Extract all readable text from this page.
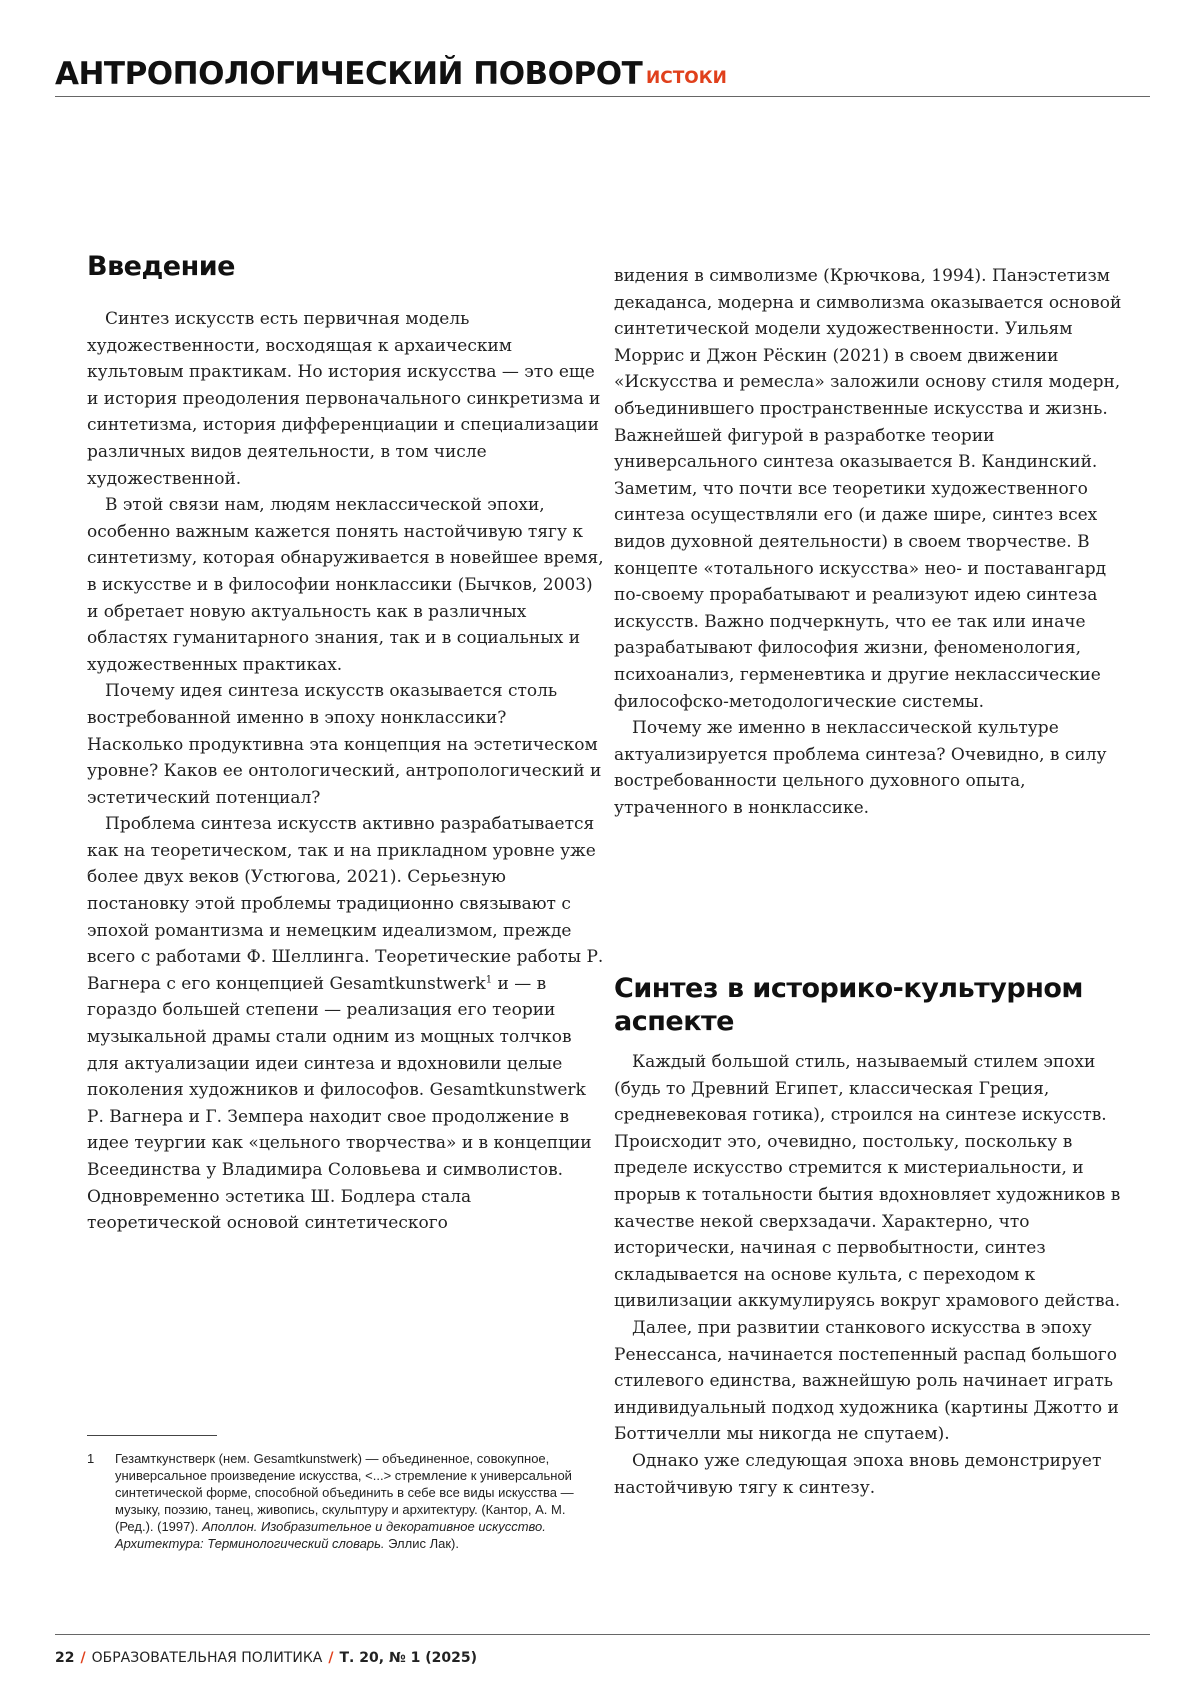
АНТРОПОЛОГИЧЕСКИЙ ПОВОРОТ ИСТОКИ
Введение

Синтез искусств есть первичная модель художественности, восходящая к архаическим культовым практикам. Но история искусства — это еще и история преодоления первоначального синкретизма и синтетизма, история дифференциации и специализации различных видов деятельности, в том числе художественной.

В этой связи нам, людям неклассической эпохи, особенно важным кажется понять настойчивую тягу к синтетизму, которая обнаруживается в новейшее время, в искусстве и в философии нонклассики (Бычков, 2003) и обретает новую актуальность как в различных областях гуманитарного знания, так и в социальных и художественных практиках.

Почему идея синтеза искусств оказывается столь востребованной именно в эпоху нонклассики? Насколько продуктивна эта концепция на эстетическом уровне? Каков ее онтологический, антропологический и эстетический потенциал?

Проблема синтеза искусств активно разрабатывается как на теоретическом, так и на прикладном уровне уже более двух веков (Устюгова, 2021). Серьезную постановку этой проблемы традиционно связывают с эпохой романтизма и немецким идеализмом, прежде всего с работами Ф. Шеллинга. Теоретические работы Р. Вагнера с его концепцией Gesamtkunstwerk1 и — в гораздо большей степени — реализация его теории музыкальной драмы стали одним из мощных толчков для актуализации идеи синтеза и вдохновили целые поколения художников и философов. Gesamtkunstwerk Р. Вагнера и Г. Земпера находит свое продолжение в идее теургии как «цельного творчества» и в концепции Всеединства у Владимира Соловьева и символистов. Одновременно эстетика Ш. Бодлера стала теоретической основой синтетического

видения в символизме (Крючкова, 1994). Панэстетизм декаданса, модерна и символизма оказывается основой синтетической модели художественности. Уильям Моррис и Джон Рёскин (2021) в своем движении «Искусства и ремесла» заложили основу стиля модерн, объединившего пространственные искусства и жизнь. Важнейшей фигурой в разработке теории универсального синтеза оказывается В. Кандинский. Заметим, что почти все теоретики художественного синтеза осуществляли его (и даже шире, синтез всех видов духовной деятельности) в своем творчестве. В концепте «тотального искусства» нео- и поставангард по-своему прорабатывают и реализуют идею синтеза искусств. Важно подчеркнуть, что ее так или иначе разрабатывают философия жизни, феноменология, психоанализ, герменевтика и другие неклассические философско-методологические системы.

Почему же именно в неклассической культуре актуализируется проблема синтеза? Очевидно, в силу востребованности цельного духовного опыта, утраченного в нонклассике.

Синтез в историко-культурном аспекте

Каждый большой стиль, называемый стилем эпохи (будь то Древний Египет, классическая Греция, средневековая готика), строился на синтезе искусств. Происходит это, очевидно, постольку, поскольку в пределе искусство стремится к мистериальности, и прорыв к тотальности бытия вдохновляет художников в качестве некой сверхзадачи. Характерно, что исторически, начиная с первобытности, синтез складывается на основе культа, с переходом к цивилизации аккумулируясь вокруг храмового действа.

Далее, при развитии станкового искусства в эпоху Ренессанса, начинается постепенный распад большого стилевого единства, важнейшую роль начинает играть индивидуальный подход художника (картины Джотто и Боттичелли мы никогда не спутаем).

Однако уже следующая эпоха вновь демонстрирует настойчивую тягу к синтезу.

1 Гезамткунстверк (нем. Gesamtkunstwerk) — объединенное, совокупное, универсальное произведение искусства, <...> стремление к универсальной синтетической форме, способной объединить в себе все виды искусства — музыку, поэзию, танец, живопись, скульптуру и архитектуру. (Кантор, А. М. (Ред.). (1997). Аполлон. Изобразительное и декоративное искусство. Архитектура: Терминологический словарь. Эллис Лак).
22 / ОБРАЗОВАТЕЛЬНАЯ ПОЛИТИКА / Т. 20, № 1 (2025)
